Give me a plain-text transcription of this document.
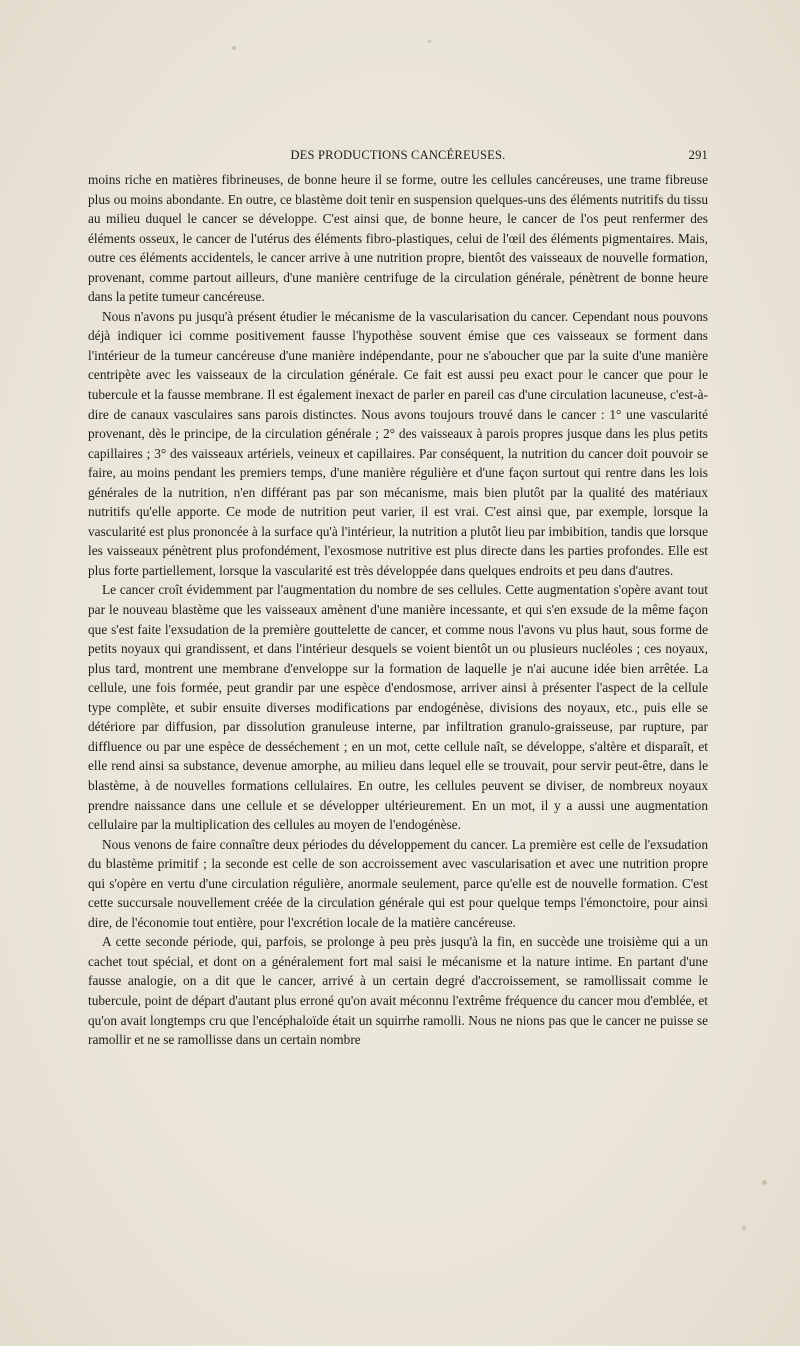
DES PRODUCTIONS CANCÉREUSES.	291

moins riche en matières fibrineuses, de bonne heure il se forme, outre les cellules cancéreuses, une trame fibreuse plus ou moins abondante. En outre, ce blastème doit tenir en suspension quelques-uns des éléments nutritifs du tissu au milieu duquel le cancer se développe. C'est ainsi que, de bonne heure, le cancer de l'os peut renfermer des éléments osseux, le cancer de l'utérus des éléments fibro-plastiques, celui de l'œil des éléments pigmentaires. Mais, outre ces éléments accidentels, le cancer arrive à une nutrition propre, bientôt des vaisseaux de nouvelle formation, provenant, comme partout ailleurs, d'une manière centrifuge de la circulation générale, pénètrent de bonne heure dans la petite tumeur cancéreuse.

Nous n'avons pu jusqu'à présent étudier le mécanisme de la vascularisation du cancer. Cependant nous pouvons déjà indiquer ici comme positivement fausse l'hypothèse souvent émise que ces vaisseaux se forment dans l'intérieur de la tumeur cancéreuse d'une manière indépendante, pour ne s'aboucher que par la suite d'une manière centripète avec les vaisseaux de la circulation générale. Ce fait est aussi peu exact pour le cancer que pour le tubercule et la fausse membrane. Il est également inexact de parler en pareil cas d'une circulation lacuneuse, c'est-à-dire de canaux vasculaires sans parois distinctes. Nous avons toujours trouvé dans le cancer : 1° une vascularité provenant, dès le principe, de la circulation générale ; 2° des vaisseaux à parois propres jusque dans les plus petits capillaires ; 3° des vaisseaux artériels, veineux et capillaires. Par conséquent, la nutrition du cancer doit pouvoir se faire, au moins pendant les premiers temps, d'une manière régulière et d'une façon surtout qui rentre dans les lois générales de la nutrition, n'en différant pas par son mécanisme, mais bien plutôt par la qualité des matériaux nutritifs qu'elle apporte. Ce mode de nutrition peut varier, il est vrai. C'est ainsi que, par exemple, lorsque la vascularité est plus prononcée à la surface qu'à l'intérieur, la nutrition a plutôt lieu par imbibition, tandis que lorsque les vaisseaux pénètrent plus profondément, l'exosmose nutritive est plus directe dans les parties profondes. Elle est plus forte partiellement, lorsque la vascularité est très développée dans quelques endroits et peu dans d'autres.

Le cancer croît évidemment par l'augmentation du nombre de ses cellules. Cette augmentation s'opère avant tout par le nouveau blastème que les vaisseaux amènent d'une manière incessante, et qui s'en exsude de la même façon que s'est faite l'exsudation de la première gouttelette de cancer, et comme nous l'avons vu plus haut, sous forme de petits noyaux qui grandissent, et dans l'intérieur desquels se voient bientôt un ou plusieurs nucléoles ; ces noyaux, plus tard, montrent une membrane d'enveloppe sur la formation de laquelle je n'ai aucune idée bien arrêtée. La cellule, une fois formée, peut grandir par une espèce d'endosmose, arriver ainsi à présenter l'aspect de la cellule type complète, et subir ensuite diverses modifications par endogénèse, divisions des noyaux, etc., puis elle se détériore par diffusion, par dissolution granuleuse interne, par infiltration granulo-graisseuse, par rupture, par diffluence ou par une espèce de desséchement ; en un mot, cette cellule naît, se développe, s'altère et disparaît, et elle rend ainsi sa substance, devenue amorphe, au milieu dans lequel elle se trouvait, pour servir peut-être, dans le blastème, à de nouvelles formations cellulaires. En outre, les cellules peuvent se diviser, de nombreux noyaux prendre naissance dans une cellule et se développer ultérieurement. En un mot, il y a aussi une augmentation cellulaire par la multiplication des cellules au moyen de l'endogénèse.

Nous venons de faire connaître deux périodes du développement du cancer. La première est celle de l'exsudation du blastème primitif ; la seconde est celle de son accroissement avec vascularisation et avec une nutrition propre qui s'opère en vertu d'une circulation régulière, anormale seulement, parce qu'elle est de nouvelle formation. C'est cette succursale nouvellement créée de la circulation générale qui est pour quelque temps l'émonctoire, pour ainsi dire, de l'économie tout entière, pour l'excrétion locale de la matière cancéreuse.

A cette seconde période, qui, parfois, se prolonge à peu près jusqu'à la fin, en succède une troisième qui a un cachet tout spécial, et dont on a généralement fort mal saisi le mécanisme et la nature intime. En partant d'une fausse analogie, on a dit que le cancer, arrivé à un certain degré d'accroissement, se ramollissait comme le tubercule, point de départ d'autant plus erroné qu'on avait méconnu l'extrême fréquence du cancer mou d'emblée, et qu'on avait longtemps cru que l'encéphaloïde était un squirrhe ramolli. Nous ne nions pas que le cancer ne puisse se ramollir et ne se ramollisse dans un certain nombre
